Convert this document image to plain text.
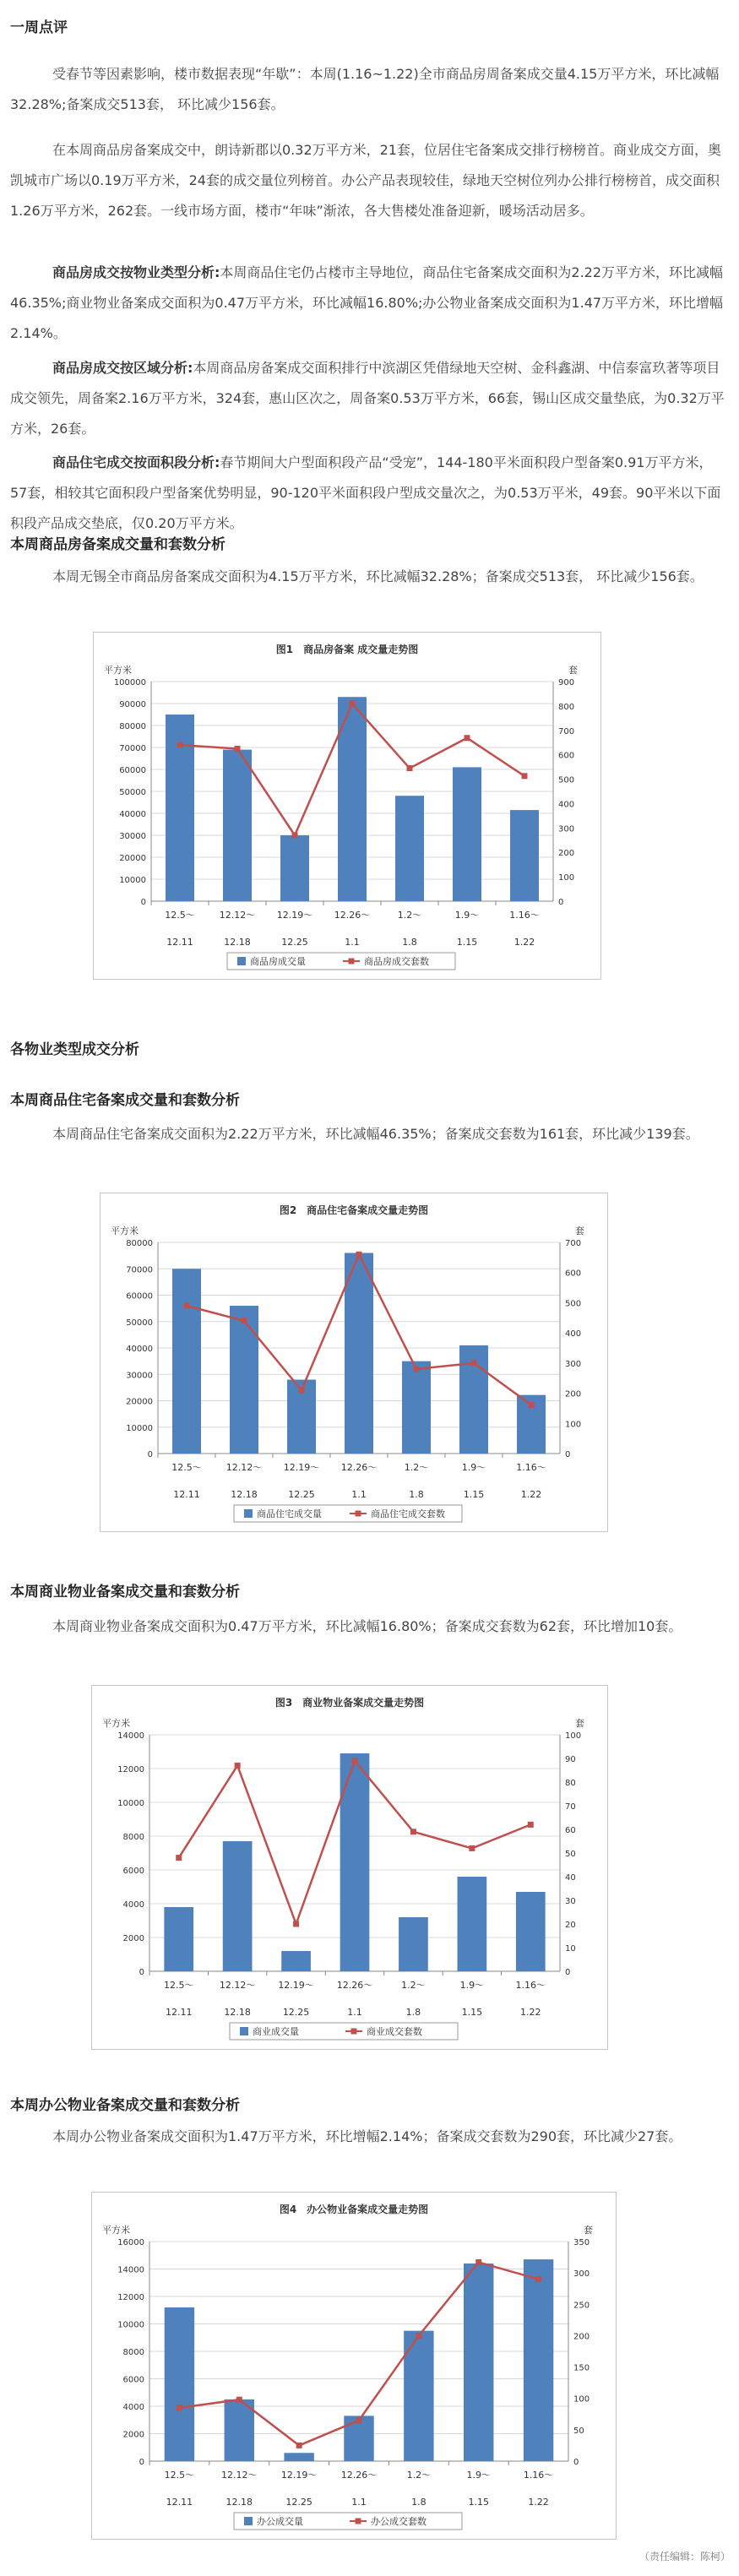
一周点评
受春节等因素影响，楼市数据表现“年歇”：本周(1.16~1.22)全市商品房周备案成交量4.15万平方米，环比减幅32.28%;备案成交513套， 环比减少156套。
在本周商品房备案成交中，朗诗新郡以0.32万平方米，21套，位居住宅备案成交排行榜榜首。商业成交方面，奥凯城市广场以0.19万平方米，24套的成交量位列榜首。办公产品表现较佳，绿地天空树位列办公排行榜榜首，成交面积1.26万平方米，262套。一线市场方面，楼市“年味”渐浓，各大售楼处准备迎新，暖场活动居多。
商品房成交按物业类型分析:本周商品住宅仍占楼市主导地位，商品住宅备案成交面积为2.22万平方米，环比减幅46.35%;商业物业备案成交面积为0.47万平方米，环比减幅16.80%;办公物业备案成交面积为1.47万平方米，环比增幅2.14%。
商品房成交按区域分析:本周商品房备案成交面积排行中滨湖区凭借绿地天空树、金科鑫湖、中信泰富玖著等项目成交领先，周备案2.16万平方米，324套，惠山区次之，周备案0.53万平方米，66套，锡山区成交量垫底，为0.32万平方米，26套。
商品住宅成交按面积段分析:春节期间大户型面积段产品“受宠”，144-180平米面积段户型备案0.91万平方米，57套，相较其它面积段户型备案优势明显，90-120平米面积段户型成交量次之，为0.53万平米，49套。90平米以下面积段产品成交垫底，仅0.20万平方米。
本周商品房备案成交量和套数分析
本周无锡全市商品房备案成交面积为4.15万平方米，环比减幅32.28%；备案成交513套， 环比减少156套。
图1　商品房备案 成交量走势图
平方米	套
0
10000
20000
30000
40000
50000
60000
70000
80000
90000
100000
0
100
200
300
400
500
600
700
800
900
12.5～
12.11
12.12～
12.18
12.19～
12.25
12.26～
1.1
1.2～
1.8
1.9～
1.15
1.16～
1.22
商品房成交量	商品房成交套数
各物业类型成交分析
本周商品住宅备案成交量和套数分析
本周商品住宅备案成交面积为2.22万平方米，环比减幅46.35%；备案成交套数为161套，环比减少139套。
图2　商品住宅备案成交量走势图
平方米	套
0
10000
20000
30000
40000
50000
60000
70000
80000
0
100
200
300
400
500
600
700
12.5～
12.11
12.12～
12.18
12.19～
12.25
12.26～
1.1
1.2～
1.8
1.9～
1.15
1.16～
1.22
商品住宅成交量	商品住宅成交套数
本周商业物业备案成交量和套数分析
本周商业物业备案成交面积为0.47万平方米，环比减幅16.80%；备案成交套数为62套，环比增加10套。
图3　商业物业备案成交量走势图
平方米	套
0
2000
4000
6000
8000
10000
12000
14000
0
10
20
30
40
50
60
70
80
90
100
12.5～
12.11
12.12～
12.18
12.19～
12.25
12.26～
1.1
1.2～
1.8
1.9～
1.15
1.16～
1.22
商业成交量	商业成交套数
本周办公物业备案成交量和套数分析
本周办公物业备案成交面积为1.47万平方米，环比增幅2.14%；备案成交套数为290套，环比减少27套。
图4　办公物业备案成交量走势图
平方米	套
0
2000
4000
6000
8000
10000
12000
14000
16000
0
50
100
150
200
250
300
350
12.5～
12.11
12.12～
12.18
12.19～
12.25
12.26～
1.1
1.2～
1.8
1.9～
1.15
1.16～
1.22
办公成交量	办公成交套数
（责任编辑：陈柯）
